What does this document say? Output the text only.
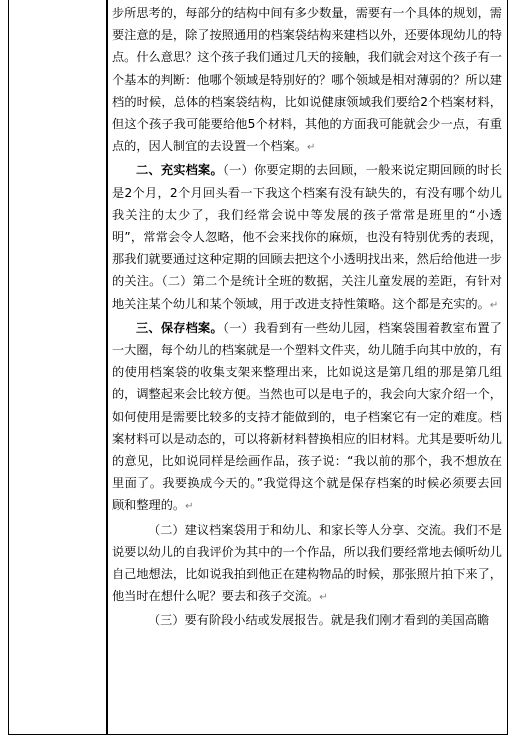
步所思考的，每部分的结构中间有多少数量，需要有一个具体的规划，需要注意的是，除了按照通用的档案袋结构来建档以外，还要体现幼儿的特点。什么意思？这个孩子我们通过几天的接触，我们就会对这个孩子有一个基本的判断：他哪个领域是特别好的？哪个领域是相对薄弱的？所以建档的时候，总体的档案袋结构，比如说健康领域我们要给2个档案材料，但这个孩子我可能要给他5个材料，其他的方面我可能就会少一点，有重点的，因人制宜的去设置一个档案。↵

二、充实档案。（一）你要定期的去回顾，一般来说定期回顾的时长是2个月，2个月回头看一下我这个档案有没有缺失的，有没有哪个幼儿我关注的太少了，我们经常会说中等发展的孩子常常是班里的“小透明”，常常会令人忽略，他不会来找你的麻烦，也没有特别优秀的表现，那我们就要通过这种定期的回顾去把这个小透明找出来，然后给他进一步的关注。（二）第二个是统计全班的数据，关注儿童发展的差距，有针对地关注某个幼儿和某个领域，用于改进支持性策略。这个都是充实的。↵

三、保存档案。（一）我看到有一些幼儿园，档案袋围着教室布置了一大圈，每个幼儿的档案就是一个塑料文件夹，幼儿随手向其中放的，有的使用档案袋的收集支架来整理出来，比如说这是第几组的那是第几组的，调整起来会比较方便。当然也可以是电子的，我会向大家介绍一个，如何使用是需要比较多的支持才能做到的，电子档案它有一定的难度。档案材料可以是动态的，可以将新材料替换相应的旧材料。尤其是要听幼儿的意见，比如说同样是绘画作品，孩子说：“我以前的那个，我不想放在里面了。我要换成今天的。”我觉得这个就是保存档案的时候必须要去回顾和整理的。↵

（二）建议档案袋用于和幼儿、和家长等人分享、交流。我们不是说要以幼儿的自我评价为其中的一个作品，所以我们要经常地去倾听幼儿自己地想法，比如说我拍到他正在建构物品的时候，那张照片拍下来了，他当时在想什么呢？要去和孩子交流。↵

（三）要有阶段小结或发展报告。就是我们刚才看到的美国高瞻
